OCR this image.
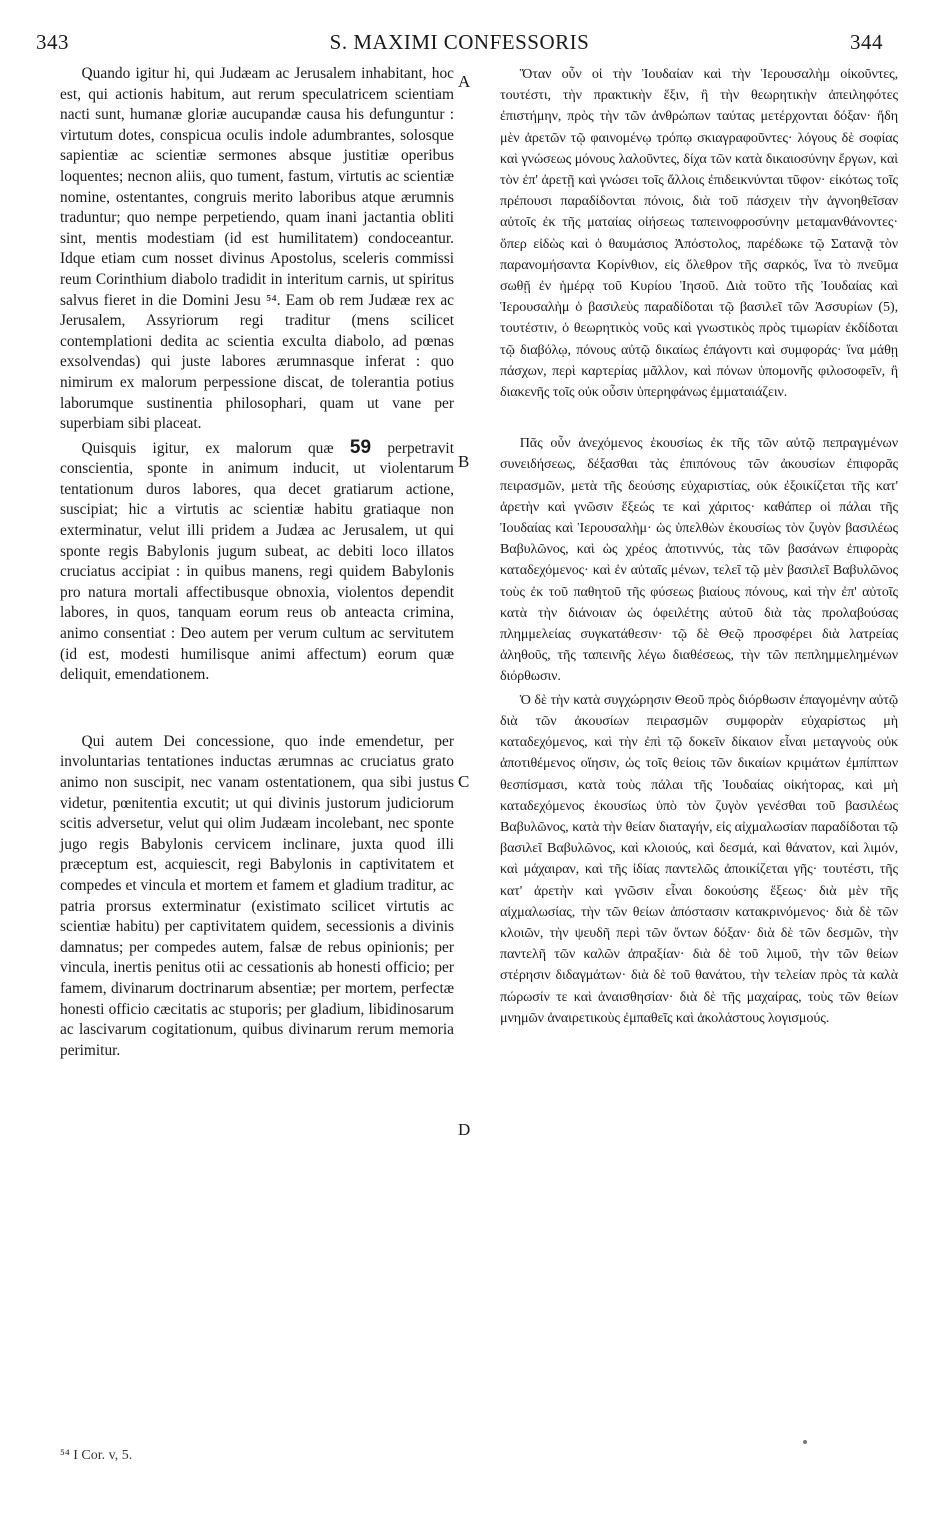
343	S. MAXIMI CONFESSORIS	344

Quando igitur hi, qui Judæam ac Jerusalem inhabitant, hoc est, qui actionis habitum, aut rerum speculatricem scientiam nacti sunt, humanæ gloriæ aucupandæ causa his defunguntur : virtutum dotes, conspicua oculis indole adumbrantes, solosque sapientiæ ac scientiæ sermones absque justitiæ operibus loquentes; necnon aliis, quo tument, fastum, virtutis ac scientiæ nomine, ostentantes, congruis merito laboribus atque ærumnis traduntur; quo nempe perpetiendo, quam inani jactantia obliti sint, mentis modestiam (id est humilitatem) condoceantur. Idque etiam cum nosset divinus Apostolus, sceleris commissi reum Corinthium diabolo tradidit in interitum carnis, ut spiritus salvus fieret in die Domini Jesu ⁵⁴. Eam ob rem Judææ rex ac Jerusalem, Assyriorum regi traditur (mens scilicet contemplationi dedita ac scientia exculta diabolo, ad pœnas exsolvendas) qui juste labores ærumnasque inferat : quo nimirum ex malorum perpessione discat, de tolerantia potius laborumque sustinentia philosophari, quam ut vane per superbiam sibi placeat.

Quisquis igitur, ex malorum quæ 59 perpetravit conscientia, sponte in animum inducit, ut violentarum tentationum duros labores, qua decet gratiarum actione, suscipiat; hic a virtutis ac scientiæ habitu gratiaque non exterminatur, velut illi pridem a Judæa ac Jerusalem, ut qui sponte regis Babylonis jugum subeat, ac debiti loco illatos cruciatus accipiat : in quibus manens, regi quidem Babylonis pro natura mortali affectibusque obnoxia, violentos dependit labores, in quos, tanquam eorum reus ob anteacta crimina, animo consentiat : Deo autem per verum cultum ac servitutem (id est, modesti humilisque animi affectum) eorum quæ deliquit, emendationem.

Qui autem Dei concessione, quo inde emendetur, per involuntarias tentationes inductas ærumnas ac cruciatus grato animo non suscipit, nec vanam ostentationem, qua sibi justus videtur, pœnitentia excutit; ut qui divinis justorum judiciorum scitis adversetur, velut qui olim Judæam incolebant, nec sponte jugo regis Babylonis cervicem inclinare, juxta quod illi præceptum est, acquiescit, regi Babylonis in captivitatem et compedes et vincula et mortem et famem et gladium traditur, ac patria prorsus exterminatur (existimato scilicet virtutis ac scientiæ habitu) per captivitatem quidem, secessionis a divinis damnatus; per compedes autem, falsæ de rebus opinionis; per vincula, inertis penitus otii ac cessationis ab honesti officio; per famem, divinarum doctrinarum absentiæ; per mortem, perfectæ honesti officio cæcitatis ac stuporis; per gladium, libidinosarum ac lascivarum cogitationum, quibus divinarum rerum memoria perimitur.

A
B
C
D

Ὅταν οὖν οἱ τὴν Ἰουδαίαν καὶ τὴν Ἱερουσαλὴμ οἰκοῦντες, τουτέστι, τὴν πρακτικὴν ἕξιν, ἢ τὴν θεωρητικὴν ἀπειληφότες ἐπιστήμην, πρὸς τὴν τῶν ἀνθρώπων ταύτας μετέρχονται δόξαν· ἤδη μὲν ἀρετῶν τῷ φαινομένῳ τρόπῳ σκιαγραφοῦντες· λόγους δὲ σοφίας καὶ γνώσεως μόνους λαλοῦντες, δίχα τῶν κατὰ δικαιοσύνην ἔργων, καὶ τὸν ἐπ' ἀρετῇ καὶ γνώσει τοῖς ἄλλοις ἐπιδεικνύνται τῦφον· εἰκότως τοῖς πρέπουσι παραδίδονται πόνοις, διὰ τοῦ πάσχειν τὴν ἀγνοηθεῖσαν αὐτοῖς ἐκ τῆς ματαίας οἰήσεως ταπεινοφροσύνην μεταμανθάνοντες· ὅπερ εἰδὼς καὶ ὁ θαυμάσιος Ἀπόστολος, παρέδωκε τῷ Σατανᾷ τὸν παρανομήσαντα Κορίνθιον, εἰς ὄλεθρον τῆς σαρκός, ἵνα τὸ πνεῦμα σωθῇ ἐν ἡμέρᾳ τοῦ Κυρίου Ἰησοῦ. Διὰ τοῦτο τῆς Ἰουδαίας καὶ Ἱερουσαλὴμ ὁ βασιλεὺς παραδίδοται τῷ βασιλεῖ τῶν Ἀσσυρίων (5), τουτέστιν, ὁ θεωρητικὸς νοῦς καὶ γνωστικὸς πρὸς τιμωρίαν ἐκδίδοται τῷ διαβόλῳ, πόνους αὐτῷ δικαίως ἐπάγοντι καὶ συμφοράς· ἵνα μάθῃ πάσχων, περὶ καρτερίας μᾶλλον, καὶ πόνων ὑπομονῆς φιλοσοφεῖν, ἢ διακενῆς τοῖς οὐκ οὖσιν ὑπερηφάνως ἐμματαιάζειν.

Πᾶς οὖν ἀνεχόμενος ἑκουσίως ἐκ τῆς τῶν αὐτῷ πεπραγμένων συνειδήσεως, δέξασθαι τὰς ἐπιπόνους τῶν ἀκουσίων ἐπιφορᾶς πειρασμῶν, μετὰ τῆς δεούσης εὐχαριστίας, οὐκ ἐξοικίζεται τῆς κατ' ἀρετὴν καὶ γνῶσιν ἕξεώς τε καὶ χάριτος· καθάπερ οἱ πάλαι τῆς Ἰουδαίας καὶ Ἱερουσαλὴμ· ὡς ὑπελθὼν ἑκουσίως τὸν ζυγὸν βασιλέως Βαβυλῶνος, καὶ ὡς χρέος ἀποτιννύς, τὰς τῶν βασάνων ἐπιφορὰς καταδεχόμενος· καὶ ἐν αὐταῖς μένων, τελεῖ τῷ μὲν βασιλεῖ Βαβυλῶνος τοὺς ἐκ τοῦ παθητοῦ τῆς φύσεως βιαίους πόνους, καὶ τὴν ἐπ' αὐτοῖς κατὰ τὴν διάνοιαν ὡς ὀφειλέτης αὐτοῦ διὰ τὰς προλαβούσας πλημμελείας συγκατάθεσιν· τῷ δὲ Θεῷ προσφέρει διὰ λατρείας ἀληθοῦς, τῆς ταπεινῆς λέγω διαθέσεως, τὴν τῶν πεπλημμελημένων διόρθωσιν.

Ὁ δὲ τὴν κατὰ συγχώρησιν Θεοῦ πρὸς διόρθωσιν ἐπαγομένην αὐτῷ διὰ τῶν ἀκουσίων πειρασμῶν συμφορὰν εὐχαρίστως μὴ καταδεχόμενος, καὶ τὴν ἐπὶ τῷ δοκεῖν δίκαιον εἶναι μεταγνοὺς οὐκ ἀποτιθέμενος οἴησιν, ὡς τοῖς θείοις τῶν δικαίων κριμάτων ἐμπίπτων θεσπίσμασι, κατὰ τοὺς πάλαι τῆς Ἰουδαίας οἰκήτορας, καὶ μὴ καταδεχόμενος ἑκουσίως ὑπὸ τὸν ζυγὸν γενέσθαι τοῦ βασιλέως Βαβυλῶνος, κατὰ τὴν θείαν διαταγήν, εἰς αἰχμαλωσίαν παραδίδοται τῷ βασιλεῖ Βαβυλῶνος, καὶ κλοιούς, καὶ δεσμά, καὶ θάνατον, καὶ λιμόν, καὶ μάχαιραν, καὶ τῆς ἰδίας παντελῶς ἀποικίζεται γῆς· τουτέστι, τῆς κατ' ἀρετὴν καὶ γνῶσιν εἶναι δοκούσης ἕξεως· διὰ μὲν τῆς αἰχμαλωσίας, τὴν τῶν θείων ἀπόστασιν κατακρινόμενος· διὰ δὲ τῶν κλοιῶν, τὴν ψευδῆ περὶ τῶν ὄντων δόξαν· διὰ δὲ τῶν δεσμῶν, τὴν παντελῆ τῶν καλῶν ἀπραξίαν· διὰ δὲ τοῦ λιμοῦ, τὴν τῶν θείων στέρησιν διδαγμάτων· διὰ δὲ τοῦ θανάτου, τὴν τελείαν πρὸς τὰ καλὰ πώρωσίν τε καὶ ἀναισθησίαν· διὰ δὲ τῆς μαχαίρας, τοὺς τῶν θείων μνημῶν ἀναιρετικοὺς ἐμπαθεῖς καὶ ἀκολάστους λογισμούς.

⁵⁴ I Cor. v, 5.
